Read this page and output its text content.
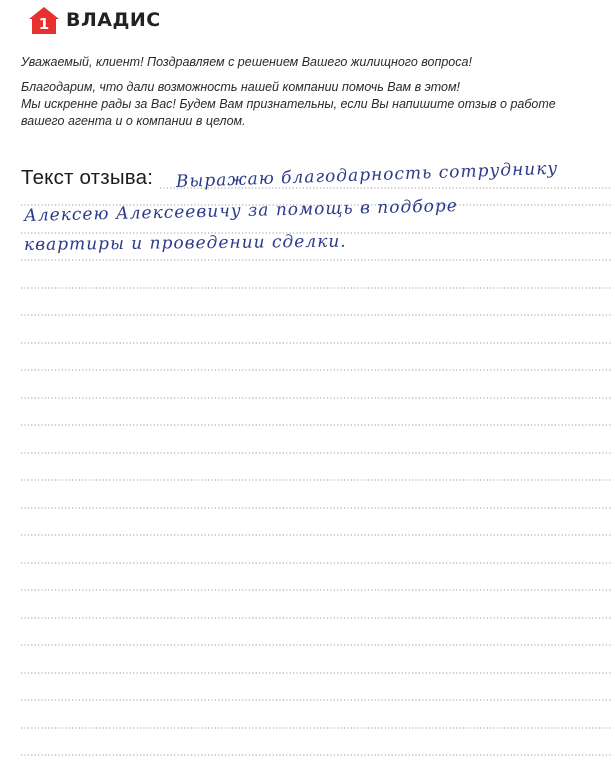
1 ВЛАДИС

Уважаемый, клиент! Поздравляем с решением Вашего жилищного вопроса!

Благодарим, что дали возможность нашей компании помочь Вам в этом!

Мы искренне рады за Вас! Будем Вам признательны, если Вы напишите отзыв о работе

вашего агента и о компании в целом.

Текст отзыва: Выражаю благодарность сотруднику
Алексею Алексеевичу за помощь в подборе
квартиры и проведении сделки.
